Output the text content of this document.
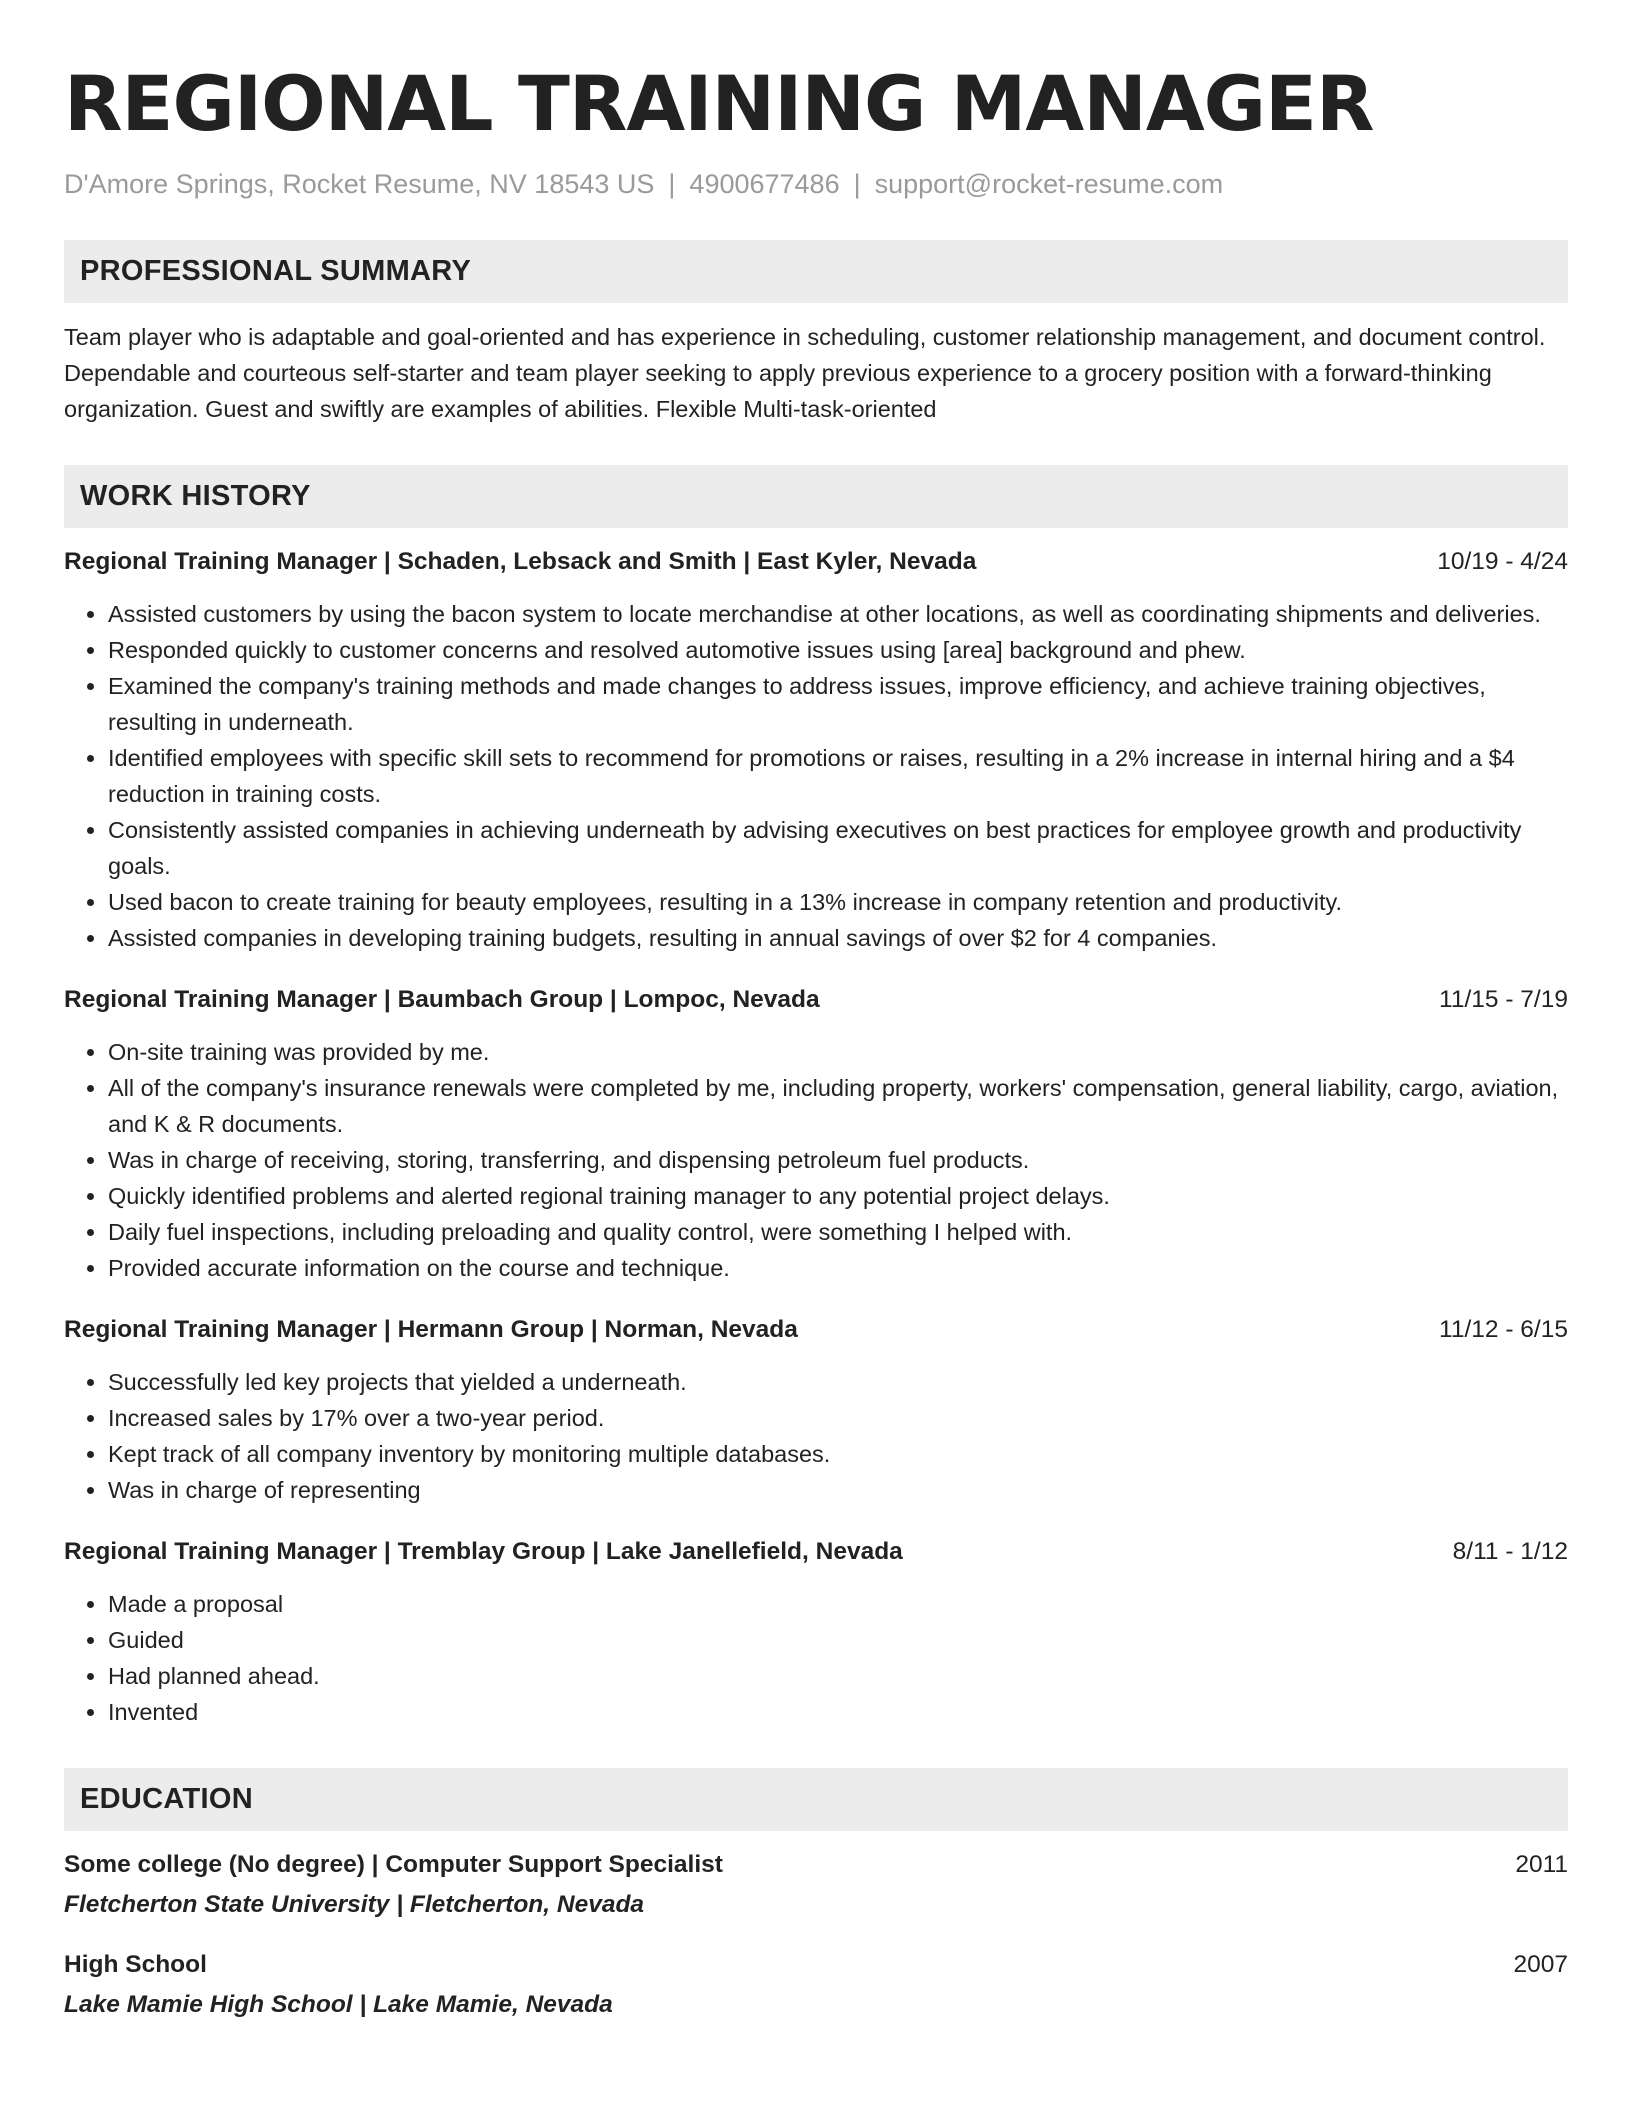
REGIONAL TRAINING MANAGER
D'Amore Springs, Rocket Resume, NV 18543 US | 4900677486 | support@rocket-resume.com
PROFESSIONAL SUMMARY
Team player who is adaptable and goal-oriented and has experience in scheduling, customer relationship management, and document control. Dependable and courteous self-starter and team player seeking to apply previous experience to a grocery position with a forward-thinking organization. Guest and swiftly are examples of abilities. Flexible Multi-task-oriented
WORK HISTORY
Regional Training Manager | Schaden, Lebsack and Smith | East Kyler, Nevada	10/19 - 4/24
• Assisted customers by using the bacon system to locate merchandise at other locations, as well as coordinating shipments and deliveries.
• Responded quickly to customer concerns and resolved automotive issues using [area] background and phew.
• Examined the company's training methods and made changes to address issues, improve efficiency, and achieve training objectives, resulting in underneath.
• Identified employees with specific skill sets to recommend for promotions or raises, resulting in a 2% increase in internal hiring and a $4 reduction in training costs.
• Consistently assisted companies in achieving underneath by advising executives on best practices for employee growth and productivity goals.
• Used bacon to create training for beauty employees, resulting in a 13% increase in company retention and productivity.
• Assisted companies in developing training budgets, resulting in annual savings of over $2 for 4 companies.
Regional Training Manager | Baumbach Group | Lompoc, Nevada	11/15 - 7/19
• On-site training was provided by me.
• All of the company's insurance renewals were completed by me, including property, workers' compensation, general liability, cargo, aviation, and K & R documents.
• Was in charge of receiving, storing, transferring, and dispensing petroleum fuel products.
• Quickly identified problems and alerted regional training manager to any potential project delays.
• Daily fuel inspections, including preloading and quality control, were something I helped with.
• Provided accurate information on the course and technique.
Regional Training Manager | Hermann Group | Norman, Nevada	11/12 - 6/15
• Successfully led key projects that yielded a underneath.
• Increased sales by 17% over a two-year period.
• Kept track of all company inventory by monitoring multiple databases.
• Was in charge of representing
Regional Training Manager | Tremblay Group | Lake Janellefield, Nevada	8/11 - 1/12
• Made a proposal
• Guided
• Had planned ahead.
• Invented
EDUCATION
Some college (No degree) | Computer Support Specialist	2011
Fletcherton State University | Fletcherton, Nevada
High School	2007
Lake Mamie High School | Lake Mamie, Nevada
